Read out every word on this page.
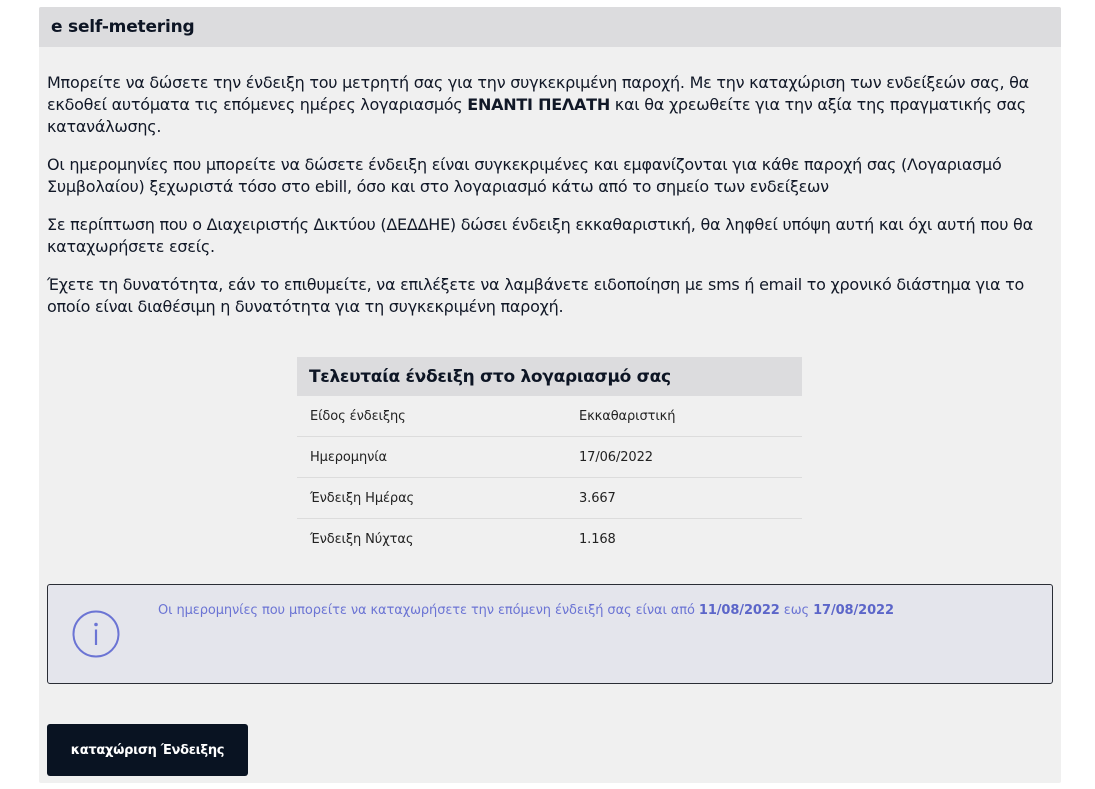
e self-metering

Μπορείτε να δώσετε την ένδειξη του μετρητή σας για την συγκεκριμένη παροχή. Με την καταχώριση των ενδείξεών σας, θα εκδοθεί αυτόματα τις επόμενες ημέρες λογαριασμός ΕΝΑΝΤΙ ΠΕΛΑΤΗ και θα χρεωθείτε για την αξία της πραγματικής σας κατανάλωσης.

Οι ημερομηνίες που μπορείτε να δώσετε ένδειξη είναι συγκεκριμένες και εμφανίζονται για κάθε παροχή σας (Λογαριασμό Συμβολαίου) ξεχωριστά τόσο στο ebill, όσο και στο λογαριασμό κάτω από το σημείο των ενδείξεων

Σε περίπτωση που ο Διαχειριστής Δικτύου (ΔΕΔΔΗΕ) δώσει ένδειξη εκκαθαριστική, θα ληφθεί υπόψη αυτή και όχι αυτή που θα καταχωρήσετε εσείς.

Έχετε τη δυνατότητα, εάν το επιθυμείτε, να επιλέξετε να λαμβάνετε ειδοποίηση με sms ή email το χρονικό διάστημα για το οποίο είναι διαθέσιμη η δυνατότητα για τη συγκεκριμένη παροχή.

Τελευταία ένδειξη στο λογαριασμό σας
Είδος ένδειξης	Εκκαθαριστική
Ημερομηνία	17/06/2022
Ένδειξη Ημέρας	3.667
Ένδειξη Νύχτας	1.168
Οι ημερομηνίες που μπορείτε να καταχωρήσετε την επόμενη ένδειξή σας είναι από 11/08/2022 εως 17/08/2022
καταχώριση Ένδειξης
